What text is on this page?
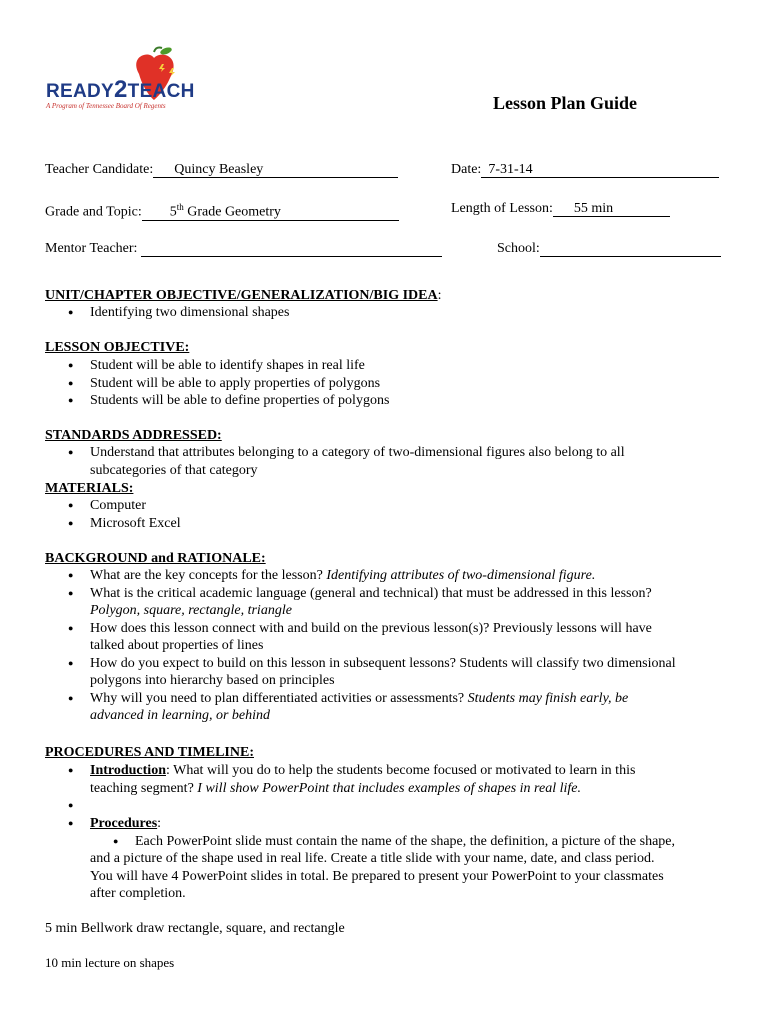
READY2TEACH
A Program of Tennessee Board Of Regents	Lesson Plan Guide
Teacher Candidate: Quincy Beasley	Date: 7-31-14
Grade and Topic: 5th Grade Geometry	Length of Lesson: 55 min
Mentor Teacher:	School:
UNIT/CHAPTER OBJECTIVE/GENERALIZATION/BIG IDEA:
● Identifying two dimensional shapes
LESSON OBJECTIVE:
● Student will be able to identify shapes in real life
● Student will be able to apply properties of polygons
● Students will be able to define properties of polygons
STANDARDS ADDRESSED:
● Understand that attributes belonging to a category of two-dimensional figures also belong to all
subcategories of that category
MATERIALS:
● Computer
● Microsoft Excel
BACKGROUND and RATIONALE:
● What are the key concepts for the lesson? Identifying attributes of two-dimensional figure.
● What is the critical academic language (general and technical) that must be addressed in this lesson?
Polygon, square, rectangle, triangle
● How does this lesson connect with and build on the previous lesson(s)? Previously lessons will have
talked about properties of lines
● How do you expect to build on this lesson in subsequent lessons? Students will classify two dimensional
polygons into hierarchy based on principles
● Why will you need to plan differentiated activities or assessments? Students may finish early, be
advanced in learning, or behind
PROCEDURES AND TIMELINE:
● Introduction: What will you do to help the students become focused or motivated to learn in this
teaching segment? I will show PowerPoint that includes examples of shapes in real life.
●
● Procedures:
●	Each PowerPoint slide must contain the name of the shape, the definition, a picture of the shape,
and a picture of the shape used in real life. Create a title slide with your name, date, and class period.
You will have 4 PowerPoint slides in total. Be prepared to present your PowerPoint to your classmates
after completion.
5 min Bellwork draw rectangle, square, and rectangle
10 min lecture on shapes
